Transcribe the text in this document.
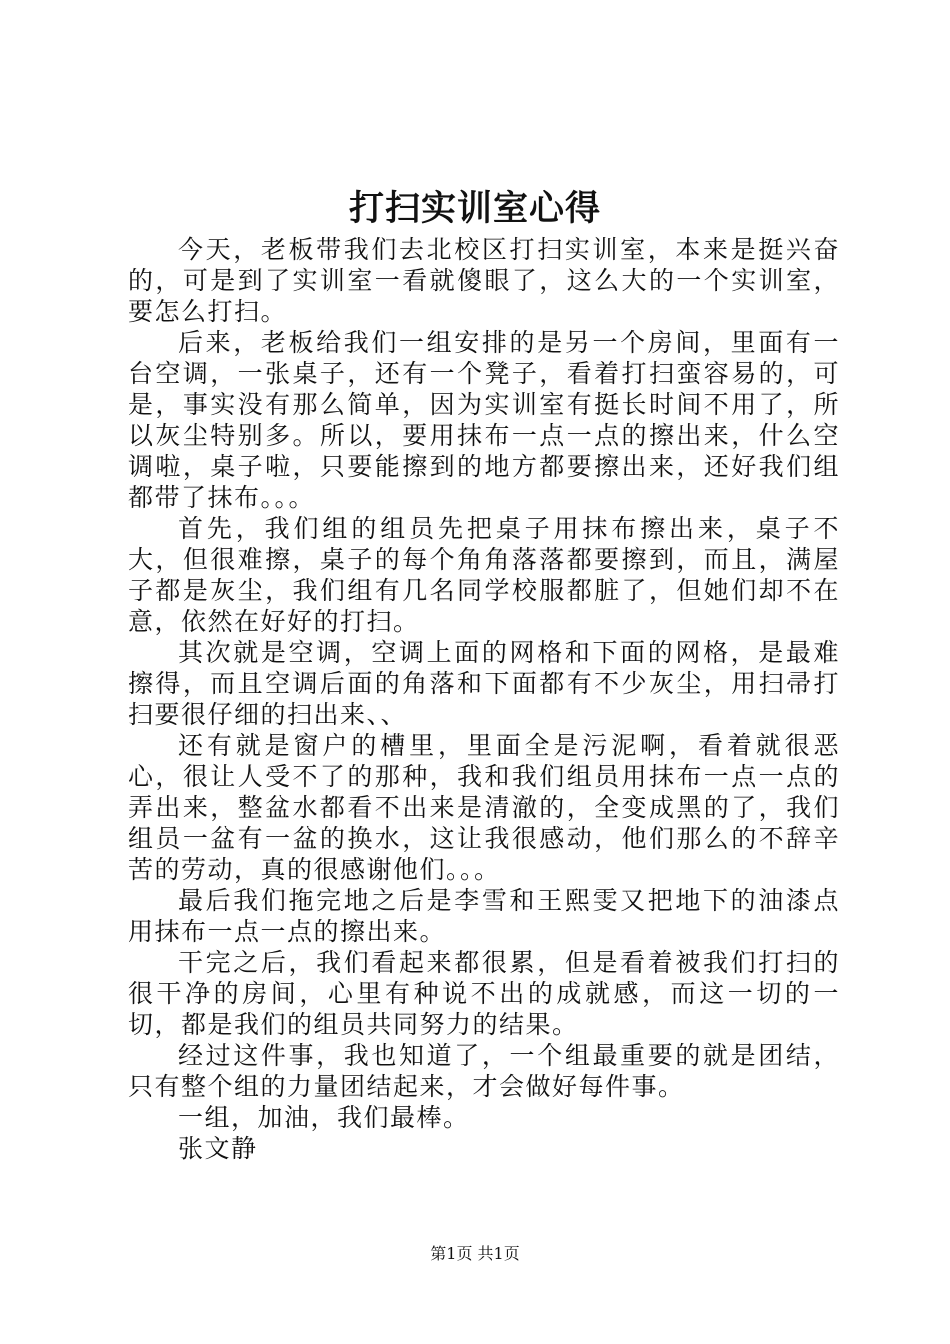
打扫实训室心得

今天，老板带我们去北校区打扫实训室，本来是挺兴奋的，可是到了实训室一看就傻眼了，这么大的一个实训室，要怎么打扫。

后来，老板给我们一组安排的是另一个房间，里面有一台空调，一张桌子，还有一个凳子，看着打扫蛮容易的，可是，事实没有那么简单，因为实训室有挺长时间不用了，所以灰尘特别多。所以，要用抹布一点一点的擦出来，什么空调啦，桌子啦，只要能擦到的地方都要擦出来，还好我们组都带了抹布。。。

首先，我们组的组员先把桌子用抹布擦出来，桌子不大，但很难擦，桌子的每个角角落落都要擦到，而且，满屋子都是灰尘，我们组有几名同学校服都脏了，但她们却不在意，依然在好好的打扫。

其次就是空调，空调上面的网格和下面的网格，是最难擦得，而且空调后面的角落和下面都有不少灰尘，用扫帚打扫要很仔细的扫出来、、

还有就是窗户的槽里，里面全是污泥啊，看着就很恶心，很让人受不了的那种，我和我们组员用抹布一点一点的弄出来，整盆水都看不出来是清澈的，全变成黑的了，我们组员一盆有一盆的换水，这让我很感动，他们那么的不辞辛苦的劳动，真的很感谢他们。。。

最后我们拖完地之后是李雪和王熙雯又把地下的油漆点用抹布一点一点的擦出来。

干完之后，我们看起来都很累，但是看着被我们打扫的很干净的房间，心里有种说不出的成就感，而这一切的一切，都是我们的组员共同努力的结果。

经过这件事，我也知道了，一个组最重要的就是团结，只有整个组的力量团结起来，才会做好每件事。

一组，加油，我们最棒。

张文静

第1页 共1页
